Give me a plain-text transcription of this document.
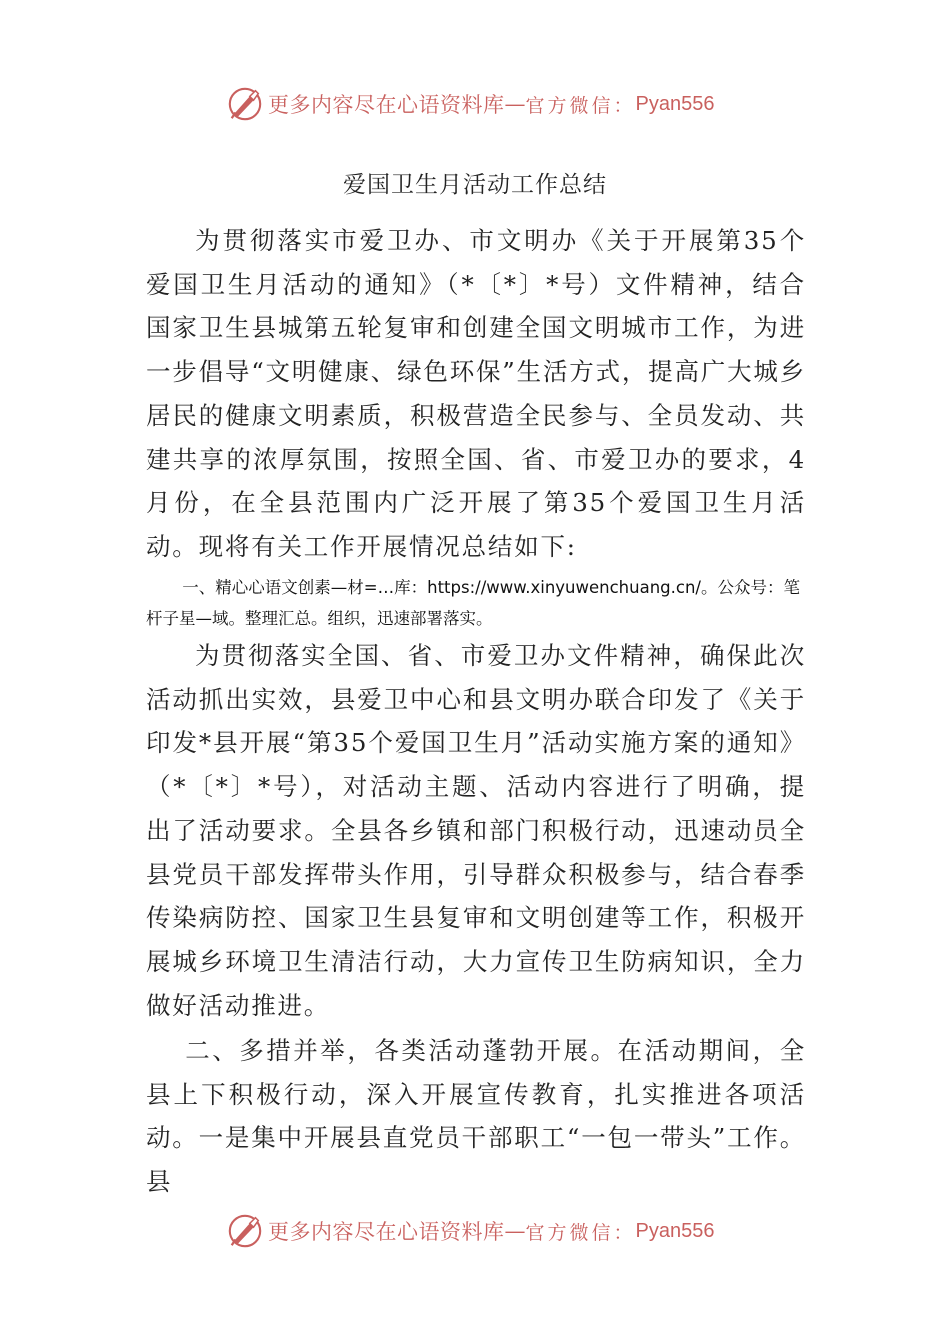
更多内容尽在心语资料库 — 官方微信： Pyan556
爱国卫生月活动工作总结

为贯彻落实市爱卫办、市文明办《关于开展第35个爱国卫生月活动的通知》（*〔*〕*号）文件精神，结合国家卫生县城第五轮复审和创建全国文明城市工作，为进一步倡导“文明健康、绿色环保”生活方式，提高广大城乡居民的健康文明素质，积极营造全民参与、全员发动、共建共享的浓厚氛围，按照全国、省、市爱卫办的要求，4月份，在全县范围内广泛开展了第35个爱国卫生月活动。现将有关工作开展情况总结如下:

一、精心心语文创素—材=…库：https://www.xinyuwenchuang.cn/。公众号：笔杆子星—域。整理汇总。组织，迅速部署落实。

为贯彻落实全国、省、市爱卫办文件精神，确保此次活动抓出实效，县爱卫中心和县文明办联合印发了《关于印发*县开展“第35个爱国卫生月”活动实施方案的通知》（*〔*〕*号），对活动主题、活动内容进行了明确，提出了活动要求。全县各乡镇和部门积极行动，迅速动员全县党员干部发挥带头作用，引导群众积极参与，结合春季传染病防控、国家卫生县复审和文明创建等工作，积极开展城乡环境卫生清洁行动，大力宣传卫生防病知识，全力做好活动推进。

二、多措并举，各类活动蓬勃开展。在活动期间，全县上下积极行动，深入开展宣传教育，扎实推进各项活动。一是集中开展县直党员干部职工“一包一带头”工作。县

更多内容尽在心语资料库 — 官方微信： Pyan556
